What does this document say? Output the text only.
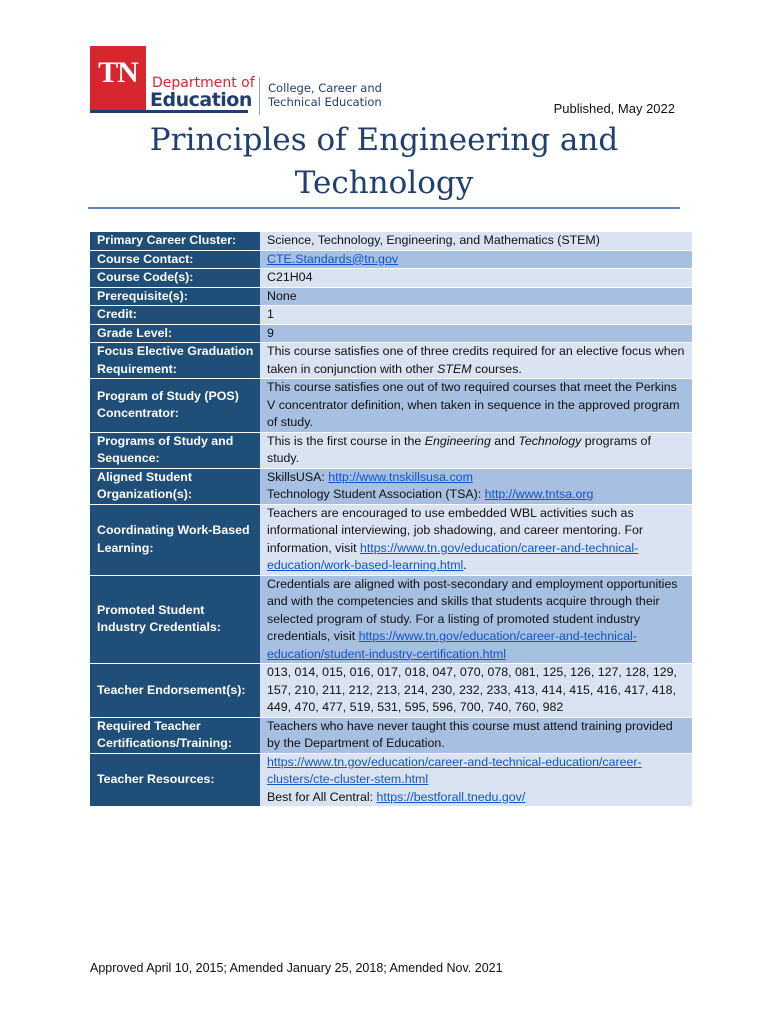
TN	Department of
Education
College, Career and
Technical Education	Published, May 2022
Principles of Engineering and
Technology
Primary Career Cluster:	Science, Technology, Engineering, and Mathematics (STEM)
Course Contact:	CTE.Standards@tn.gov
Course Code(s):	C21H04
Prerequisite(s):	None
Credit:	1
Grade Level:	9
Focus Elective Graduation Requirement:	This course satisfies one of three credits required for an elective focus when taken in conjunction with other STEM courses.
Program of Study (POS) Concentrator:	This course satisfies one out of two required courses that meet the Perkins V concentrator definition, when taken in sequence in the approved program of study.
Programs of Study and Sequence:	This is the first course in the Engineering and Technology programs of study.
Aligned Student Organization(s):	SkillsUSA: http://www.tnskillsusa.com
Technology Student Association (TSA): http://www.tntsa.org
Coordinating Work-Based Learning:	Teachers are encouraged to use embedded WBL activities such as informational interviewing, job shadowing, and career mentoring. For information, visit https://www.tn.gov/education/career-and-technical-education/work-based-learning.html.
Promoted Student Industry Credentials:	Credentials are aligned with post-secondary and employment opportunities and with the competencies and skills that students acquire through their selected program of study. For a listing of promoted student industry credentials, visit https://www.tn.gov/education/career-and-technical-education/student-industry-certification.html
Teacher Endorsement(s):	013, 014, 015, 016, 017, 018, 047, 070, 078, 081, 125, 126, 127, 128, 129, 157, 210, 211, 212, 213, 214, 230, 232, 233, 413, 414, 415, 416, 417, 418, 449, 470, 477, 519, 531, 595, 596, 700, 740, 760, 982
Required Teacher Certifications/Training:	Teachers who have never taught this course must attend training provided by the Department of Education.
Teacher Resources:	https://www.tn.gov/education/career-and-technical-education/career-clusters/cte-cluster-stem.html
Best for All Central: https://bestforall.tnedu.gov/
Approved April 10, 2015; Amended January 25, 2018; Amended Nov. 2021
